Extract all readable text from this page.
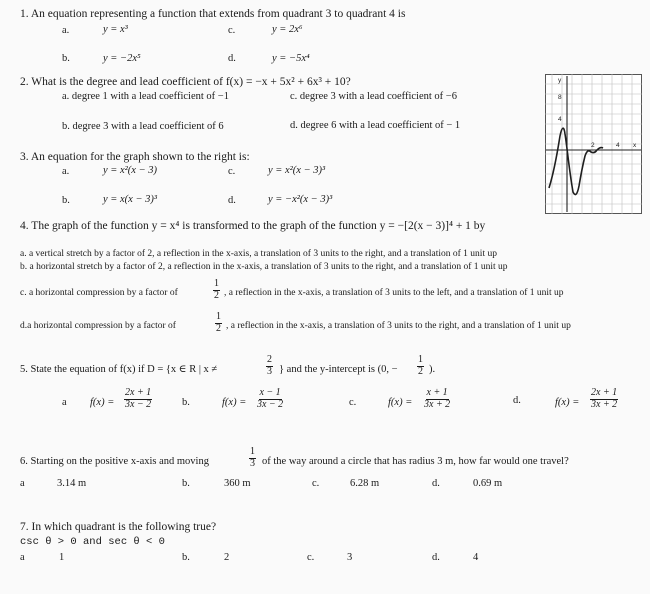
1. An equation representing a function that extends from quadrant 3 to quadrant 4 is
a.	y = x³	c.	y = 2x⁶
b.	y = −2x⁵	d.	y = −5x⁴
2. What is the degree and lead coefficient of f(x) = −x + 5x² + 6x³ + 10?
a. degree 1 with a lead coefficient of −1	c. degree 3 with a lead coefficient of −6
b. degree 3 with a lead coefficient of 6	d. degree 6 with a lead coefficient of − 1
3. An equation for the graph shown to the right is:
a.	y = x²(x − 3)	c.	y = x²(x − 3)³
b.	y = x(x − 3)³	d.	y = −x²(x − 3)³
y
8
4
2	4 x
4. The graph of the function y = x⁴ is transformed to the graph of the function y = −[2(x − 3)]⁴ + 1 by
a. a vertical stretch by a factor of 2, a reflection in the x-axis, a translation of 3 units to the right, and a translation of 1 unit up
b. a horizontal stretch by a factor of 2, a reflection in the x-axis, a translation of 3 units to the right, and a translation of 1 unit up
c. a horizontal compression by a factor of	$\frac{1}{2}$ , a reflection in the x-axis, a translation of 3 units to the left, and a translation of 1 unit up
d.a horizontal compression by a factor of	$\frac{1}{2}$ , a reflection in the x-axis, a translation of 3 units to the right, and a translation of 1 unit up
5. State the equation of f(x) if D = {x ∈ R | x ≠	$\frac{2}{3}$ } and the y-intercept is (0, − $\frac{1}{2}$ ).
a $f(x) = \frac{2x + 1}{3x - 2}$	b.	$f(x) = \frac{x - 1}{3x - 2}$	c.	$f(x) = \frac{x + 1}{3x + 2}$	d.	$f(x) = \frac{2x + 1}{3x + 2}$
6. Starting on the positive x-axis and moving	$\frac{1}{3}$ of the way around a circle that has radius 3 m, how far would one travel?
a	3.14 m	b.	360 m	c.	6.28 m	d.	0.69 m
7. In which quadrant is the following true?
csc θ > 0 and sec θ < 0
a	1	b.	2	c.	3	d.	4
